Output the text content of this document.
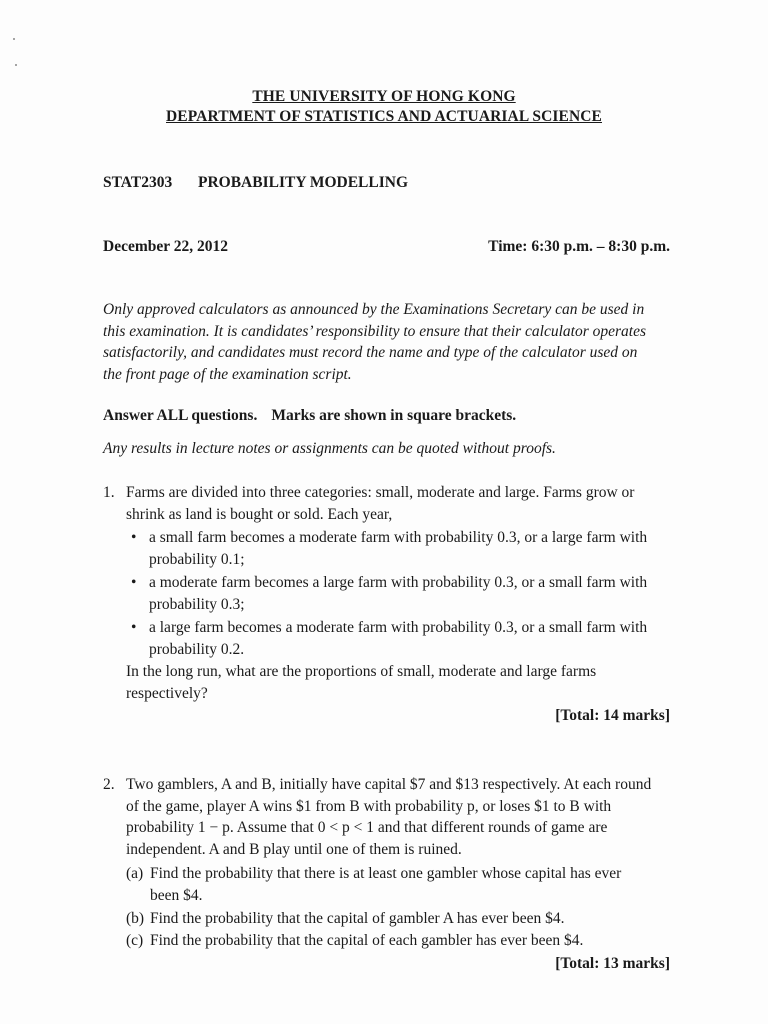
THE UNIVERSITY OF HONG KONG
DEPARTMENT OF STATISTICS AND ACTUARIAL SCIENCE
STAT2303 PROBABILITY MODELLING
December 22, 2012	Time: 6:30 p.m. – 8:30 p.m.
Only approved calculators as announced by the Examinations Secretary can be used in
this examination. It is candidates’ responsibility to ensure that their calculator operates
satisfactorily, and candidates must record the name and type of the calculator used on
the front page of the examination script.
Answer ALL questions. Marks are shown in square brackets.
Any results in lecture notes or assignments can be quoted without proofs.
1. Farms are divided into three categories: small, moderate and large. Farms grow or
shrink as land is bought or sold. Each year,
• a small farm becomes a moderate farm with probability 0.3, or a large farm with
probability 0.1;
• a moderate farm becomes a large farm with probability 0.3, or a small farm with
probability 0.3;
• a large farm becomes a moderate farm with probability 0.3, or a small farm with
probability 0.2.
In the long run, what are the proportions of small, moderate and large farms
respectively?
[Total: 14 marks]
2. Two gamblers, A and B, initially have capital $7 and $13 respectively. At each round
of the game, player A wins $1 from B with probability p, or loses $1 to B with
probability 1 − p. Assume that 0 < p < 1 and that different rounds of game are
independent. A and B play until one of them is ruined.
(a) Find the probability that there is at least one gambler whose capital has ever
been $4.
(b) Find the probability that the capital of gambler A has ever been $4.
(c) Find the probability that the capital of each gambler has ever been $4.
[Total: 13 marks]
